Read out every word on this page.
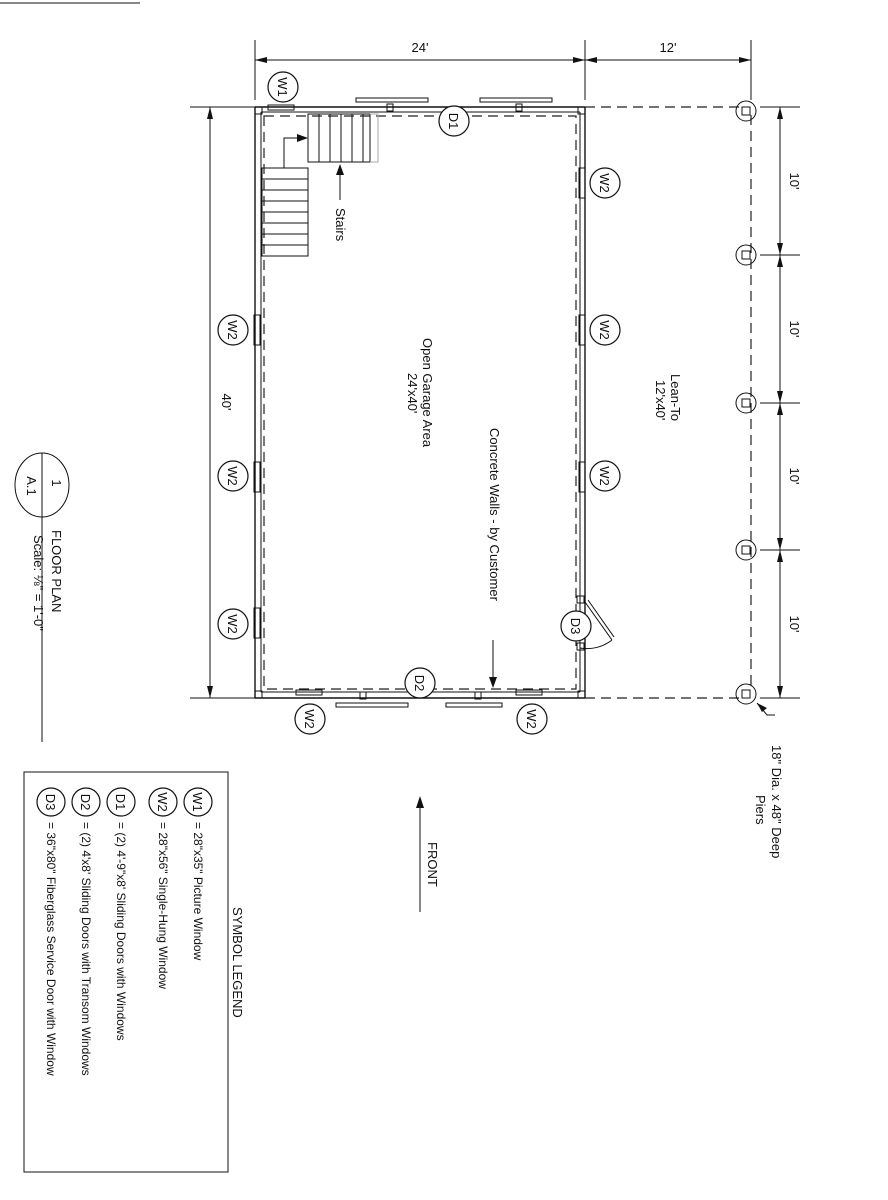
24'	12'
40'
10'
10'
10'
10'
18" Dia. x 48" Deep
Piers
Stairs
Open Garage Area
24'x40'	Lean-To
12'x40'
Concrete Walls - by Customer
W1
D1
W2
W2
W2
W2
W2
W2	D3
D2
W2	W2
FRONT
1
A.1
FLOOR PLAN
Scale: ⅛" = 1'-0"
SYMBOL LEGEND
W1
= 28"x35" Picture Window
W2
= 28"x56" Single-Hung Window
D1
= (2) 4'-9"x8' Sliding Doors with Windows
D2
= (2) 4'x8' Sliding Doors with Transom Windows
D3
= 36"x80" Fiberglass Service Door with Window
